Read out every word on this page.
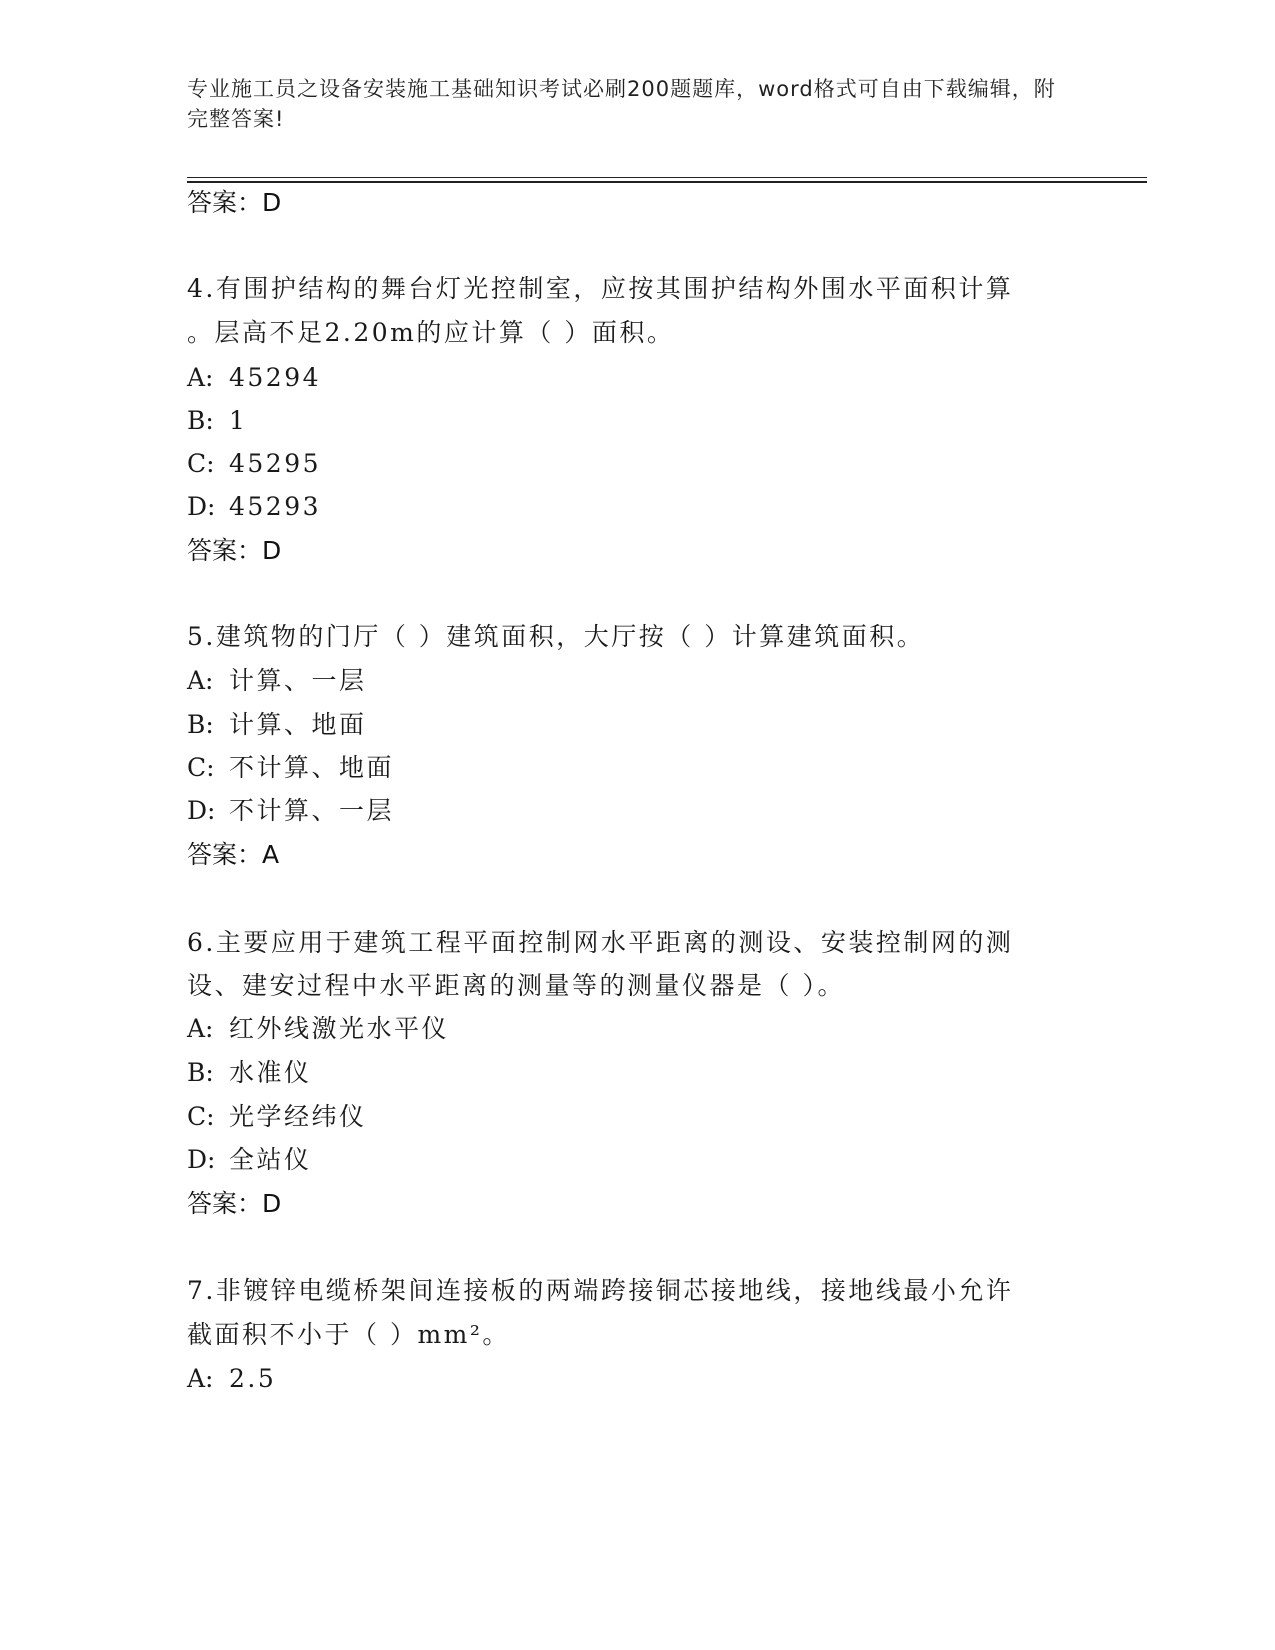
专业施工员之设备安装施工基础知识考试必刷200题题库，word格式可自由下载编辑，附完整答案!
答案：D
4.有围护结构的舞台灯光控制室，应按其围护结构外围水平面积计算
。层高不足2.20m的应计算（ ）面积。
A: 45294
B: 1
C: 45295
D: 45293
答案：D
5.建筑物的门厅（ ）建筑面积，大厅按（ ）计算建筑面积。
A: 计算、一层
B: 计算、地面
C: 不计算、地面
D: 不计算、一层
答案：A
6.主要应用于建筑工程平面控制网水平距离的测设、安装控制网的测
设、建安过程中水平距离的测量等的测量仪器是（ ）。
A: 红外线激光水平仪
B: 水准仪
C: 光学经纬仪
D: 全站仪
答案：D
7.非镀锌电缆桥架间连接板的两端跨接铜芯接地线，接地线最小允许
截面积不小于（ ）mm²。
A: 2.5
